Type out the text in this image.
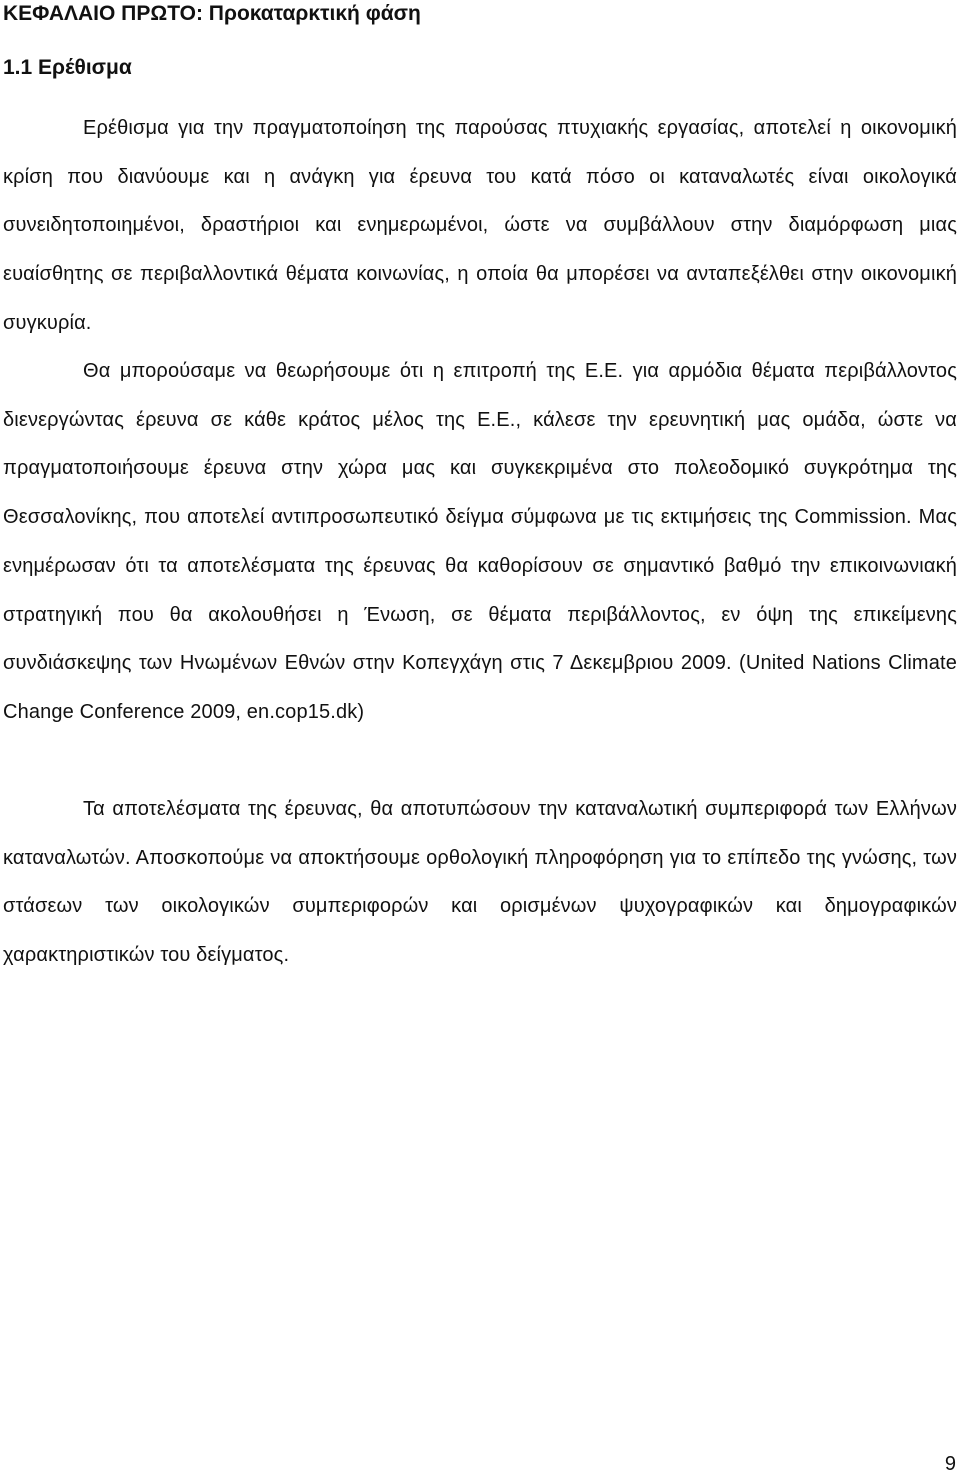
ΚΕΦΑΛΑΙΟ ΠΡΩΤΟ: Προκαταρκτική φάση
1.1 Ερέθισμα

Ερέθισμα για την πραγματοποίηση της παρούσας πτυχιακής εργασίας, αποτελεί η οικονομική κρίση που διανύουμε και η ανάγκη για έρευνα του κατά πόσο οι καταναλωτές είναι οικολογικά συνειδητοποιημένοι, δραστήριοι και ενημερωμένοι, ώστε να συμβάλλουν στην διαμόρφωση μιας ευαίσθητης σε περιβαλλοντικά θέματα κοινωνίας, η οποία θα μπορέσει να ανταπεξέλθει στην οικονομική συγκυρία.

Θα μπορούσαμε να θεωρήσουμε ότι η επιτροπή της Ε.Ε. για αρμόδια θέματα περιβάλλοντος διενεργώντας έρευνα σε κάθε κράτος μέλος της Ε.Ε., κάλεσε την ερευνητική μας ομάδα, ώστε να πραγματοποιήσουμε έρευνα στην χώρα μας και συγκεκριμένα στο πολεοδομικό συγκρότημα της Θεσσαλονίκης, που αποτελεί αντιπροσωπευτικό δείγμα σύμφωνα με τις εκτιμήσεις της Commission. Μας ενημέρωσαν ότι τα αποτελέσματα της έρευνας θα καθορίσουν σε σημαντικό βαθμό την επικοινωνιακή στρατηγική που θα ακολουθήσει η Ένωση, σε θέματα περιβάλλοντος, εν όψη της επικείμενης συνδιάσκεψης των Ηνωμένων Εθνών στην Κοπεγχάγη στις 7 Δεκεμβριου 2009. (United Nations Climate Change Conference 2009, en.cop15.dk)

Τα αποτελέσματα της έρευνας, θα αποτυπώσουν την καταναλωτική συμπεριφορά των Ελλήνων καταναλωτών. Αποσκοπούμε να αποκτήσουμε ορθολογική πληροφόρηση για το επίπεδο της γνώσης, των στάσεων των οικολογικών συμπεριφορών και ορισμένων ψυχογραφικών και δημογραφικών χαρακτηριστικών του δείγματος.

9
